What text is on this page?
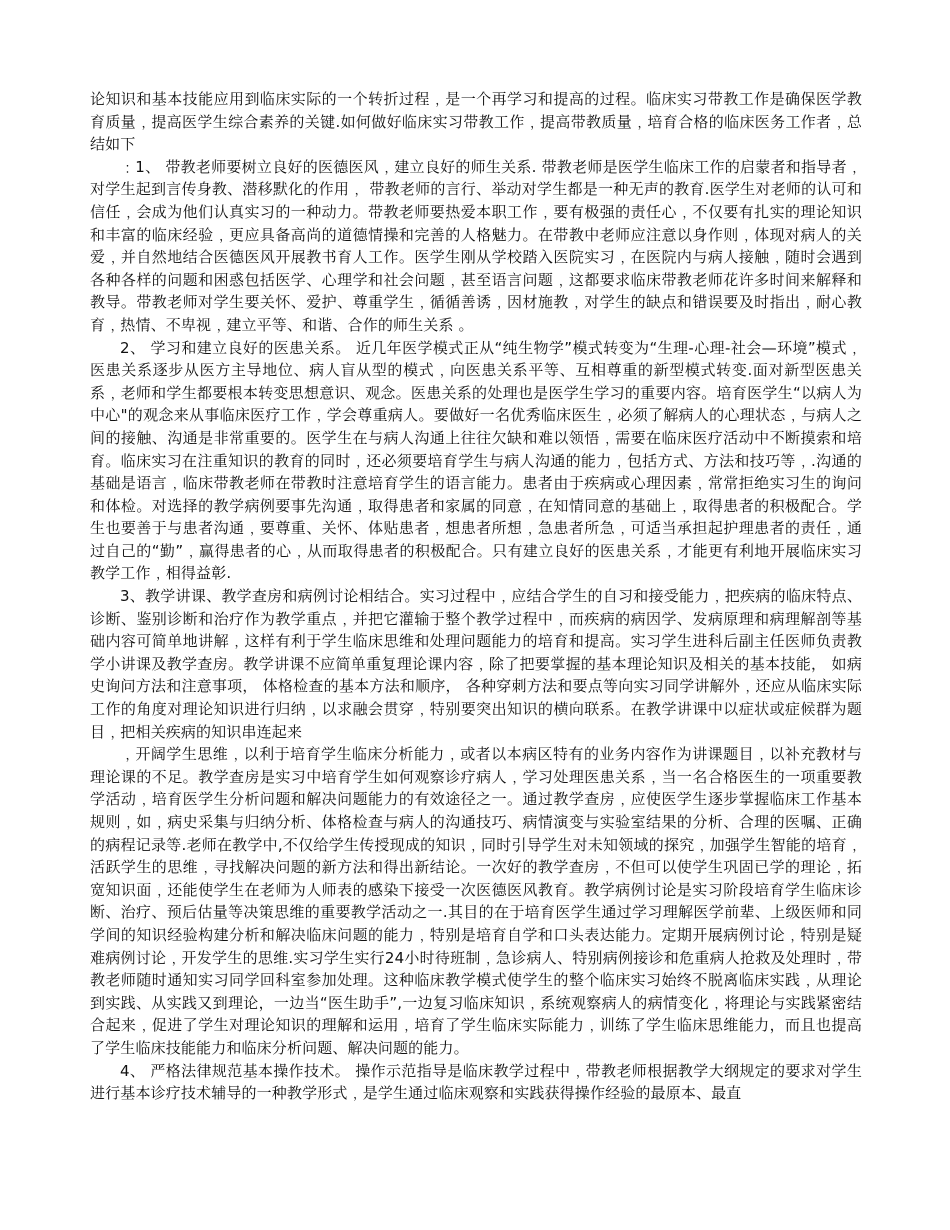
论知识和基本技能应用到临床实际的一个转折过程﹐是一个再学习和提高的过程。临床实习带教工作是确保医学教育质量﹐提高医学生综合素养的关键.如何做好临床实习带教工作﹐提高带教质量﹐培育合格的临床医务工作者﹐总结如下

﹕1、 带教老师要树立良好的医德医风﹐建立良好的师生关系. 带教老师是医学生临床工作的启蒙者和指导者﹐对学生起到言传身教、潜移默化的作用﹐ 带教老师的言行、举动对学生都是一种无声的教育.医学生对老师的认可和信任﹐会成为他们认真实习的一种动力。带教老师要热爱本职工作﹐要有极强的责任心﹐不仅要有扎实的理论知识和丰富的临床经验﹐更应具备高尚的道德情操和完善的人格魅力。在带教中老师应注意以身作则﹐体现对病人的关爱﹐并自然地结合医德医风开展教书育人工作。医学生刚从学校踏入医院实习﹐在医院内与病人接触﹐随时会遇到各种各样的问题和困惑包括医学、心理学和社会问题﹐甚至语言问题﹐这都要求临床带教老师花许多时间来解释和教导。带教老师对学生要关怀、爱护、尊重学生﹐循循善诱﹐因材施教﹐对学生的缺点和错误要及时指出﹐耐心教育﹐热情、不卑视﹐建立平等、和谐、合作的师生关系 。

2、 学习和建立良好的医患关系。 近几年医学模式正从“纯生物学”模式转变为“生理-心理-社会—环境”模式﹐医患关系逐步从医方主导地位、病人盲从型的模式﹐向医患关系平等、互相尊重的新型模式转变.面对新型医患关系﹐老师和学生都要根本转变思想意识、观念。医患关系的处理也是医学生学习的重要内容。培育医学生“以病人为中心"的观念来从事临床医疗工作﹐学会尊重病人。要做好一名优秀临床医生﹐必须了解病人的心理状态﹐与病人之间的接触、沟通是非常重要的。医学生在与病人沟通上往往欠缺和难以领悟﹐需要在临床医疗活动中不断摸索和培育。临床实习在注重知识的教育的同时﹐还必须要培育学生与病人沟通的能力﹐包括方式、方法和技巧等﹐.沟通的基础是语言﹐临床带教老师在带教时注意培育学生的语言能力。患者由于疾病或心理因素﹐常常拒绝实习生的询问和体检。对选择的教学病例要事先沟通﹐取得患者和家属的同意﹐在知情同意的基础上﹐取得患者的积极配合。学生也要善于与患者沟通﹐要尊重、关怀、体贴患者﹐想患者所想﹐急患者所急﹐可适当承担起护理患者的责任﹐通过自己的“勤”﹐赢得患者的心﹐从而取得患者的积极配合。只有建立良好的医患关系﹐才能更有利地开展临床实习教学工作﹐相得益彰.

3、教学讲课、教学查房和病例讨论相结合。实习过程中﹐应结合学生的自习和接受能力﹐把疾病的临床特点、诊断、鉴别诊断和治疗作为教学重点﹐并把它灌输于整个教学过程中﹐而疾病的病因学、发病原理和病理解剖等基础内容可简单地讲解﹐这样有利于学生临床思维和处理问题能力的培育和提高。实习学生进科后副主任医师负责教学小讲课及教学查房。教学讲课不应简单重复理论课内容﹐除了把要掌握的基本理论知识及相关的基本技能， 如病史询问方法和注意事项， 体格检查的基本方法和顺序， 各种穿刺方法和要点等向实习同学讲解外﹐还应从临床实际工作的角度对理论知识进行归纳﹐以求融会贯穿﹐特别要突出知识的横向联系。在教学讲课中以症状或症候群为题目﹐把相关疾病的知识串连起来

﹐开阔学生思维﹐以利于培育学生临床分析能力﹐或者以本病区特有的业务内容作为讲课题目﹐以补充教材与理论课的不足。教学查房是实习中培育学生如何观察诊疗病人﹐学习处理医患关系﹐当一名合格医生的一项重要教学活动﹐培育医学生分析问题和解决问题能力的有效途径之一。通过教学查房﹐应使医学生逐步掌握临床工作基本规则﹐如﹐病史采集与归纳分析、体格检查与病人的沟通技巧、病情演变与实验室结果的分析、合理的医嘱、正确的病程记录等.老师在教学中,不仅给学生传授现成的知识﹐同时引导学生对未知领域的探究﹐加强学生智能的培育﹐活跃学生的思维﹐寻找解决问题的新方法和得出新结论。一次好的教学查房﹐不但可以使学生巩固已学的理论﹐拓宽知识面﹐还能使学生在老师为人师表的感染下接受一次医德医风教育。教学病例讨论是实习阶段培育学生临床诊断、治疗、预后估量等决策思维的重要教学活动之一.其目的在于培育医学生通过学习理解医学前辈、上级医师和同学间的知识经验构建分析和解决临床问题的能力﹐特别是培育自学和口头表达能力。定期开展病例讨论﹐特别是疑难病例讨论﹐开发学生的思维.实习学生实行24小时待班制﹐急诊病人、特别病例接诊和危重病人抢救及处理时﹐带教老师随时通知实习同学回科室参加处理。这种临床教学模式使学生的整个临床实习始终不脱离临床实践﹐从理论到实践、从实践又到理论，一边当“医生助手”,一边复习临床知识﹐系统观察病人的病情变化﹐将理论与实践紧密结合起来﹐促进了学生对理论知识的理解和运用﹐培育了学生临床实际能力﹐训练了学生临床思维能力，而且也提高了学生临床技能能力和临床分析问题、解决问题的能力。

4、 严格法律规范基本操作技术。 操作示范指导是临床教学过程中﹐带教老师根据教学大纲规定的要求对学生进行基本诊疗技术辅导的一种教学形式﹐是学生通过临床观察和实践获得操作经验的最原本、最直
